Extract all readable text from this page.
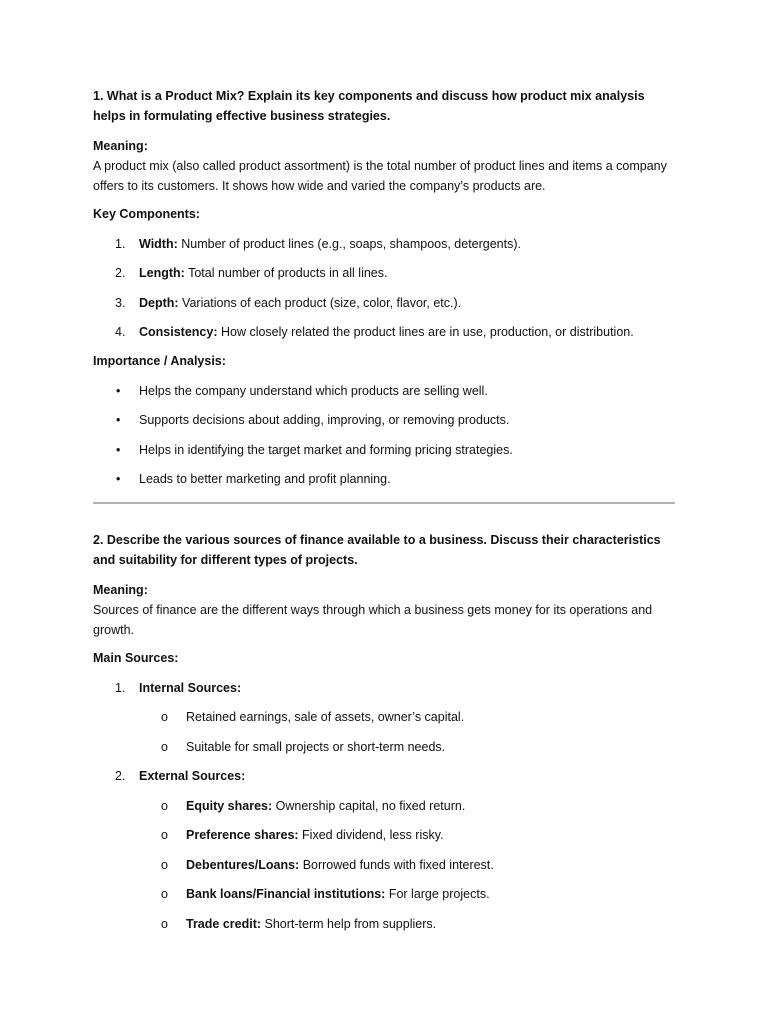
1. What is a Product Mix? Explain its key components and discuss how product mix analysis helps in formulating effective business strategies.

Meaning:

A product mix (also called product assortment) is the total number of product lines and items a company offers to its customers. It shows how wide and varied the company’s products are.

Key Components:

1. Width: Number of product lines (e.g., soaps, shampoos, detergents).
2. Length: Total number of products in all lines.
3. Depth: Variations of each product (size, color, flavor, etc.).
4. Consistency: How closely related the product lines are in use, production, or distribution.

Importance / Analysis:

• Helps the company understand which products are selling well.
• Supports decisions about adding, improving, or removing products.
• Helps in identifying the target market and forming pricing strategies.
• Leads to better marketing and profit planning.

2. Describe the various sources of finance available to a business. Discuss their characteristics and suitability for different types of projects.

Meaning:

Sources of finance are the different ways through which a business gets money for its operations and growth.

Main Sources:

1. Internal Sources:
o Retained earnings, sale of assets, owner’s capital.
o Suitable for small projects or short-term needs.
2. External Sources:
o Equity shares: Ownership capital, no fixed return.
o Preference shares: Fixed dividend, less risky.
o Debentures/Loans: Borrowed funds with fixed interest.
o Bank loans/Financial institutions: For large projects.
o Trade credit: Short-term help from suppliers.
